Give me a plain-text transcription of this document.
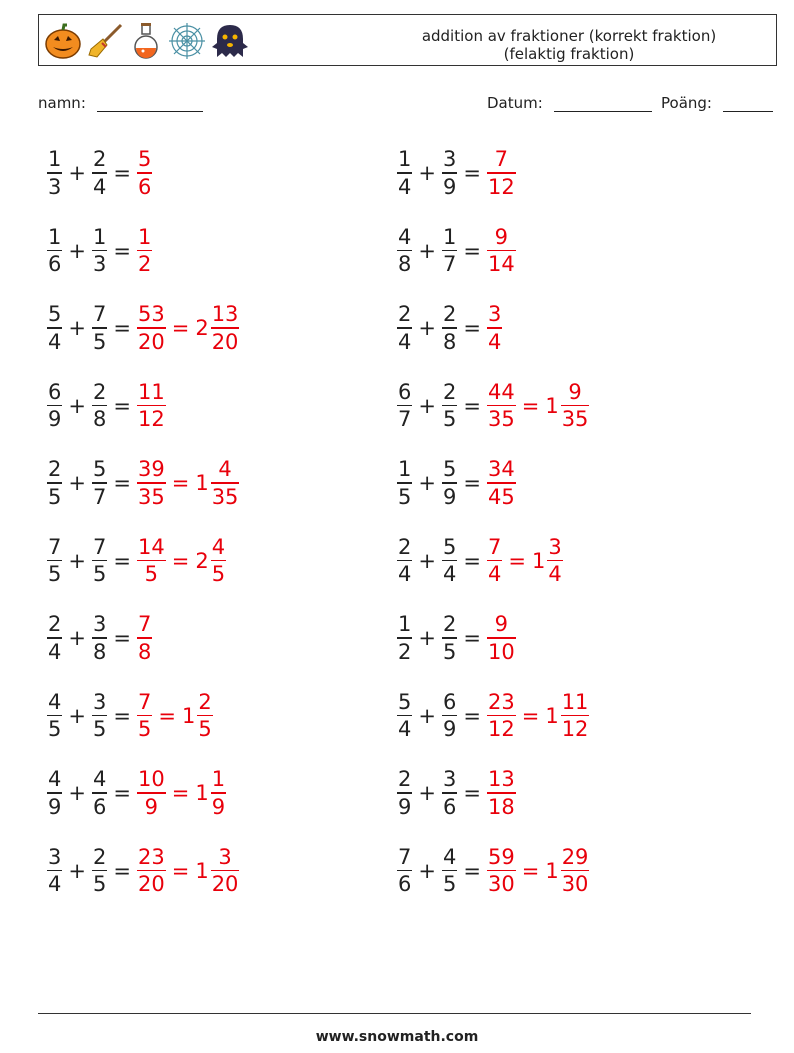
addition av fraktioner (korrekt fraktion)
(felaktig fraktion)
namn:	Datum:	Poäng:
$\frac{1}{3} + \frac{2}{4} = \frac{5}{6}$	$\frac{1}{4} + \frac{3}{9} = \frac{7}{12}$
$\frac{1}{6} + \frac{1}{3} = \frac{1}{2}$	$\frac{4}{8} + \frac{1}{7} = \frac{9}{14}$
$\frac{5}{4} + \frac{7}{5} = \frac{53}{20} = 2 \frac{13}{20}$	$\frac{2}{4} + \frac{2}{8} = \frac{3}{4}$
$\frac{6}{9} + \frac{2}{8} = \frac{11}{12}$	$\frac{6}{7} + \frac{2}{5} = \frac{44}{35} = 1 \frac{9}{35}$
$\frac{2}{5} + \frac{5}{7} = \frac{39}{35} = 1 \frac{4}{35}$	$\frac{1}{5} + \frac{5}{9} = \frac{34}{45}$
$\frac{7}{5} + \frac{7}{5} = \frac{14}{5} = 2 \frac{4}{5}$	$\frac{2}{4} + \frac{5}{4} = \frac{7}{4} = 1 \frac{3}{4}$
$\frac{2}{4} + \frac{3}{8} = \frac{7}{8}$	$\frac{1}{2} + \frac{2}{5} = \frac{9}{10}$
$\frac{4}{5} + \frac{3}{5} = \frac{7}{5} = 1 \frac{2}{5}$	$\frac{5}{4} + \frac{6}{9} = \frac{23}{12} = 1 \frac{11}{12}$
$\frac{4}{9} + \frac{4}{6} = \frac{10}{9} = 1 \frac{1}{9}$	$\frac{2}{9} + \frac{3}{6} = \frac{13}{18}$
$\frac{3}{4} + \frac{2}{5} = \frac{23}{20} = 1 \frac{3}{20}$	$\frac{7}{6} + \frac{4}{5} = \frac{59}{30} = 1 \frac{29}{30}$
www.snowmath.com
